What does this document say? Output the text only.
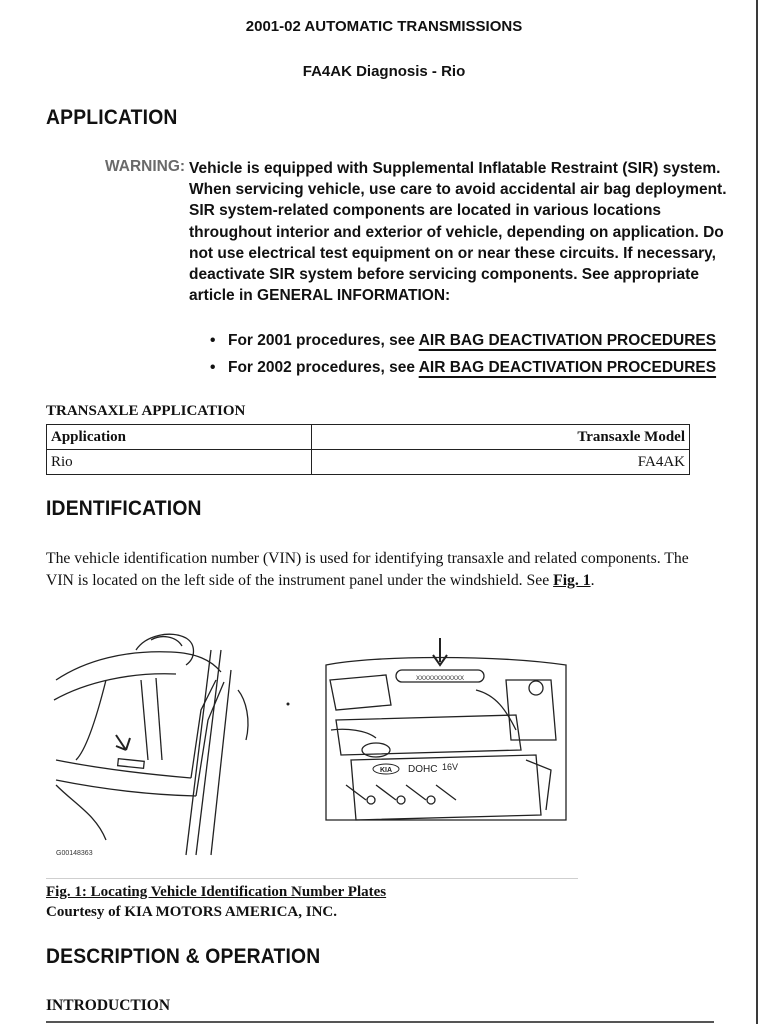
2001-02 AUTOMATIC TRANSMISSIONS
FA4AK Diagnosis - Rio
APPLICATION
WARNING: Vehicle is equipped with Supplemental Inflatable Restraint (SIR) system. When servicing vehicle, use care to avoid accidental air bag deployment. SIR system-related components are located in various locations throughout interior and exterior of vehicle, depending on application. Do not use electrical test equipment on or near these circuits. If necessary, deactivate SIR system before servicing components. See appropriate article in GENERAL INFORMATION:
• For 2001 procedures, see AIR BAG DEACTIVATION PROCEDURES
• For 2002 procedures, see AIR BAG DEACTIVATION PROCEDURES
TRANSAXLE APPLICATION
Application	Transaxle Model
Rio	FA4AK
IDENTIFICATION
The vehicle identification number (VIN) is used for identifying transaxle and related components. The VIN is located on the left side of the instrument panel under the windshield. See Fig. 1.
G00148363
XXXXXXXXXXXX
KIA DOHC 16V
Fig. 1: Locating Vehicle Identification Number Plates
Courtesy of KIA MOTORS AMERICA, INC.
DESCRIPTION & OPERATION
INTRODUCTION
